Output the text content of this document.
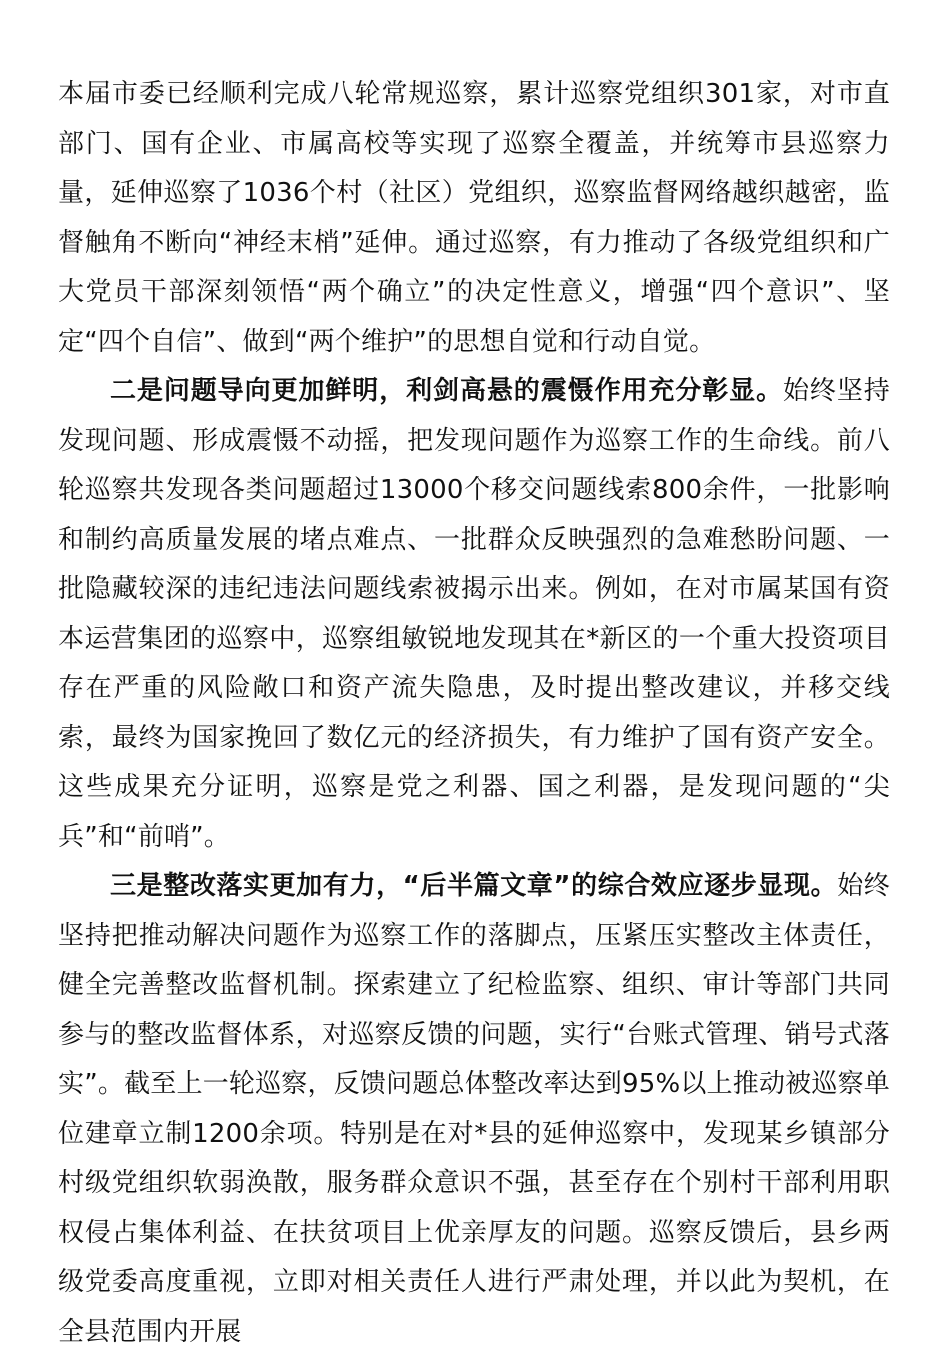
本届市委已经顺利完成八轮常规巡察，累计巡察党组织301家，对市直部门、国有企业、市属高校等实现了巡察全覆盖，并统筹市县巡察力量，延伸巡察了1036个村（社区）党组织，巡察监督网络越织越密，监督触角不断向“神经末梢”延伸。通过巡察，有力推动了各级党组织和广大党员干部深刻领悟“两个确立”的决定性意义，增强“四个意识”、坚定“四个自信”、做到“两个维护”的思想自觉和行动自觉。

二是问题导向更加鲜明，利剑高悬的震慑作用充分彰显。始终坚持发现问题、形成震慑不动摇，把发现问题作为巡察工作的生命线。前八轮巡察共发现各类问题超过13000个移交问题线索800余件，一批影响和制约高质量发展的堵点难点、一批群众反映强烈的急难愁盼问题、一批隐藏较深的违纪违法问题线索被揭示出来。例如，在对市属某国有资本运营集团的巡察中，巡察组敏锐地发现其在*新区的一个重大投资项目存在严重的风险敞口和资产流失隐患，及时提出整改建议，并移交线索，最终为国家挽回了数亿元的经济损失，有力维护了国有资产安全。这些成果充分证明，巡察是党之利器、国之利器，是发现问题的“尖兵”和“前哨”。

三是整改落实更加有力，“后半篇文章”的综合效应逐步显现。始终坚持把推动解决问题作为巡察工作的落脚点，压紧压实整改主体责任，健全完善整改监督机制。探索建立了纪检监察、组织、审计等部门共同参与的整改监督体系，对巡察反馈的问题，实行“台账式管理、销号式落实”。截至上一轮巡察，反馈问题总体整改率达到95%以上推动被巡察单位建章立制1200余项。特别是在对*县的延伸巡察中，发现某乡镇部分村级党组织软弱涣散，服务群众意识不强，甚至存在个别村干部利用职权侵占集体利益、在扶贫项目上优亲厚友的问题。巡察反馈后，县乡两级党委高度重视，立即对相关责任人进行严肃处理，并以此为契机，在全县范围内开展
